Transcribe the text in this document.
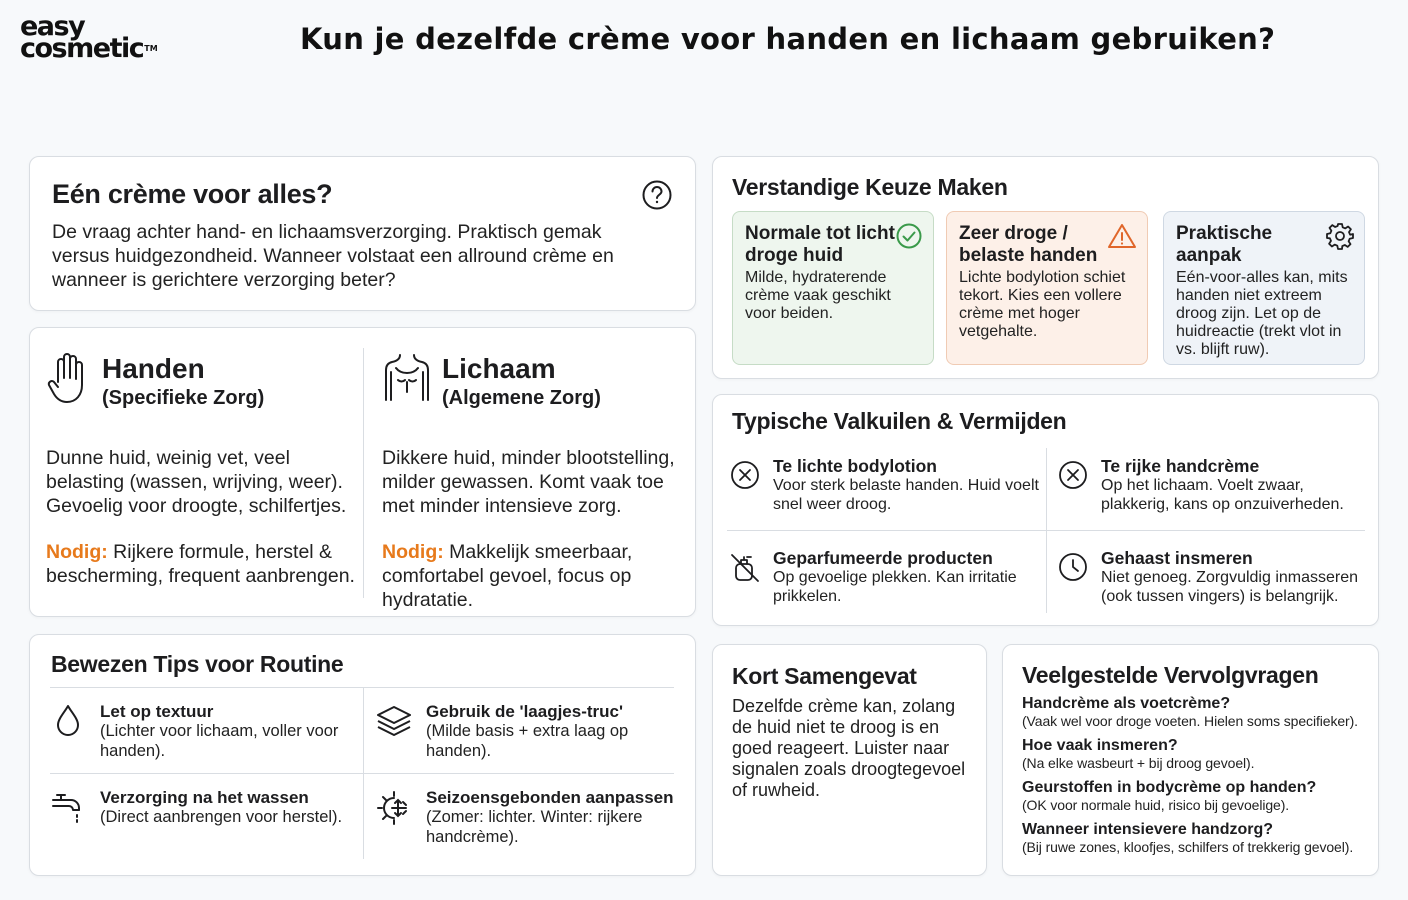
easy
cosmetic™	Kun je dezelfde crème voor handen en lichaam gebruiken?
Eén crème voor alles?

De vraag achter hand- en lichaamsverzorging. Praktisch gemak versus huidgezondheid. Wanneer volstaat een allround crème en wanneer is gerichtere verzorging beter?

Handen
(Specifieke Zorg)

Dunne huid, weinig vet, veel belasting (wassen, wrijving, weer). Gevoelig voor droogte, schilfertjes.

Nodig: Rijkere formule, herstel & bescherming, frequent aanbrengen.

Lichaam
(Algemene Zorg)

Dikkere huid, minder blootstelling, milder gewassen. Komt vaak toe met minder intensieve zorg.

Nodig: Makkelijk smeerbaar, comfortabel gevoel, focus op hydratatie.

Bewezen Tips voor Routine
Let op textuur
(Lichter voor lichaam, voller voor handen).
Gebruik de 'laagjes-truc'
(Milde basis + extra laag op handen).
Verzorging na het wassen
(Direct aanbrengen voor herstel).
Seizoensgebonden aanpassen
(Zomer: lichter. Winter: rijkere handcrème).
Verstandige Keuze Maken
Normale tot licht droge huid
Milde, hydraterende crème vaak geschikt voor beiden.
Zeer droge / belaste handen
Lichte bodylotion schiet tekort. Kies een vollere crème met hoger vetgehalte.
Praktische aanpak
Eén-voor-alles kan, mits handen niet extreem droog zijn. Let op de huidreactie (trekt vlot in vs. blijft ruw).
Typische Valkuilen & Vermijden
Te lichte bodylotion
Voor sterk belaste handen. Huid voelt snel weer droog.
Te rijke handcrème
Op het lichaam. Voelt zwaar, plakkerig, kans op onzuiverheden.
Geparfumeerde producten
Op gevoelige plekken. Kan irritatie prikkelen.
Gehaast insmeren
Niet genoeg. Zorgvuldig inmasseren (ook tussen vingers) is belangrijk.
Kort Samengevat

Dezelfde crème kan, zolang de huid niet te droog is en goed reageert. Luister naar signalen zoals droogtegevoel of ruwheid.

Veelgestelde Vervolgvragen
Handcrème als voetcrème?
(Vaak wel voor droge voeten. Hielen soms specifieker).
Hoe vaak insmeren?
(Na elke wasbeurt + bij droog gevoel).
Geurstoffen in bodycrème op handen?
(OK voor normale huid, risico bij gevoelige).
Wanneer intensievere handzorg?
(Bij ruwe zones, kloofjes, schilfers of trekkerig gevoel).
